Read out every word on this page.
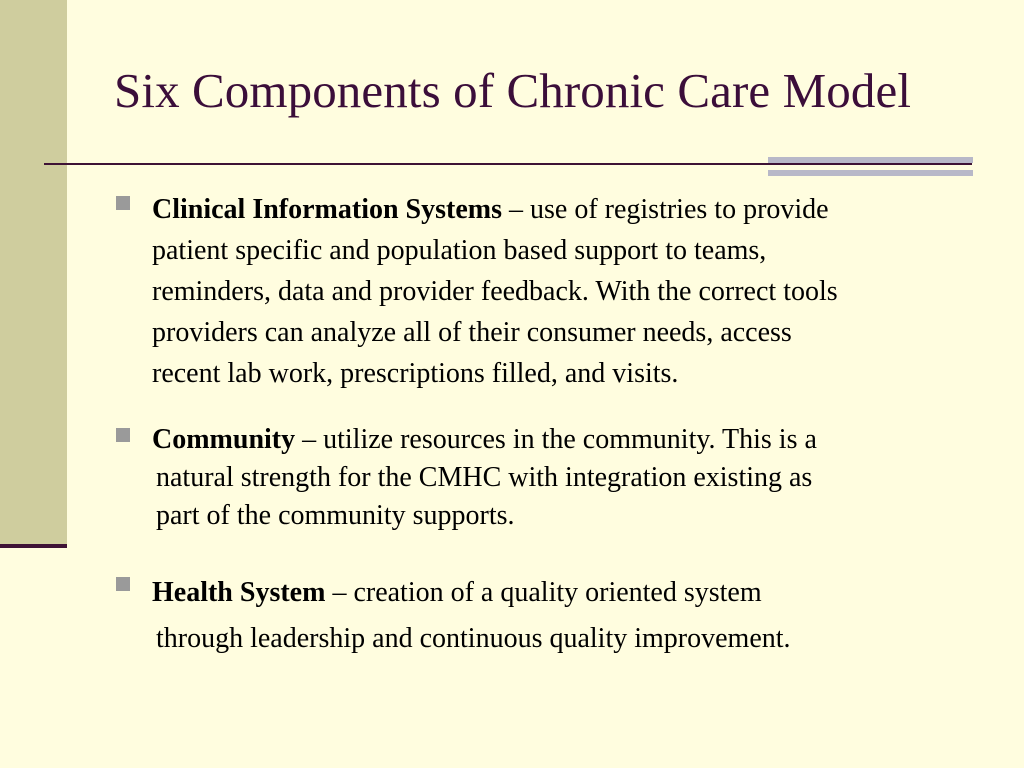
Six Components of Chronic Care Model
Clinical Information Systems – use of registries to provide
patient specific and population based support to teams,
reminders, data and provider feedback. With the correct tools
providers can analyze all of their consumer needs, access
recent lab work, prescriptions filled, and visits.
Community – utilize resources in the community. This is a
natural strength for the CMHC with integration existing as
part of the community supports.
Health System – creation of a quality oriented system
through leadership and continuous quality improvement.
